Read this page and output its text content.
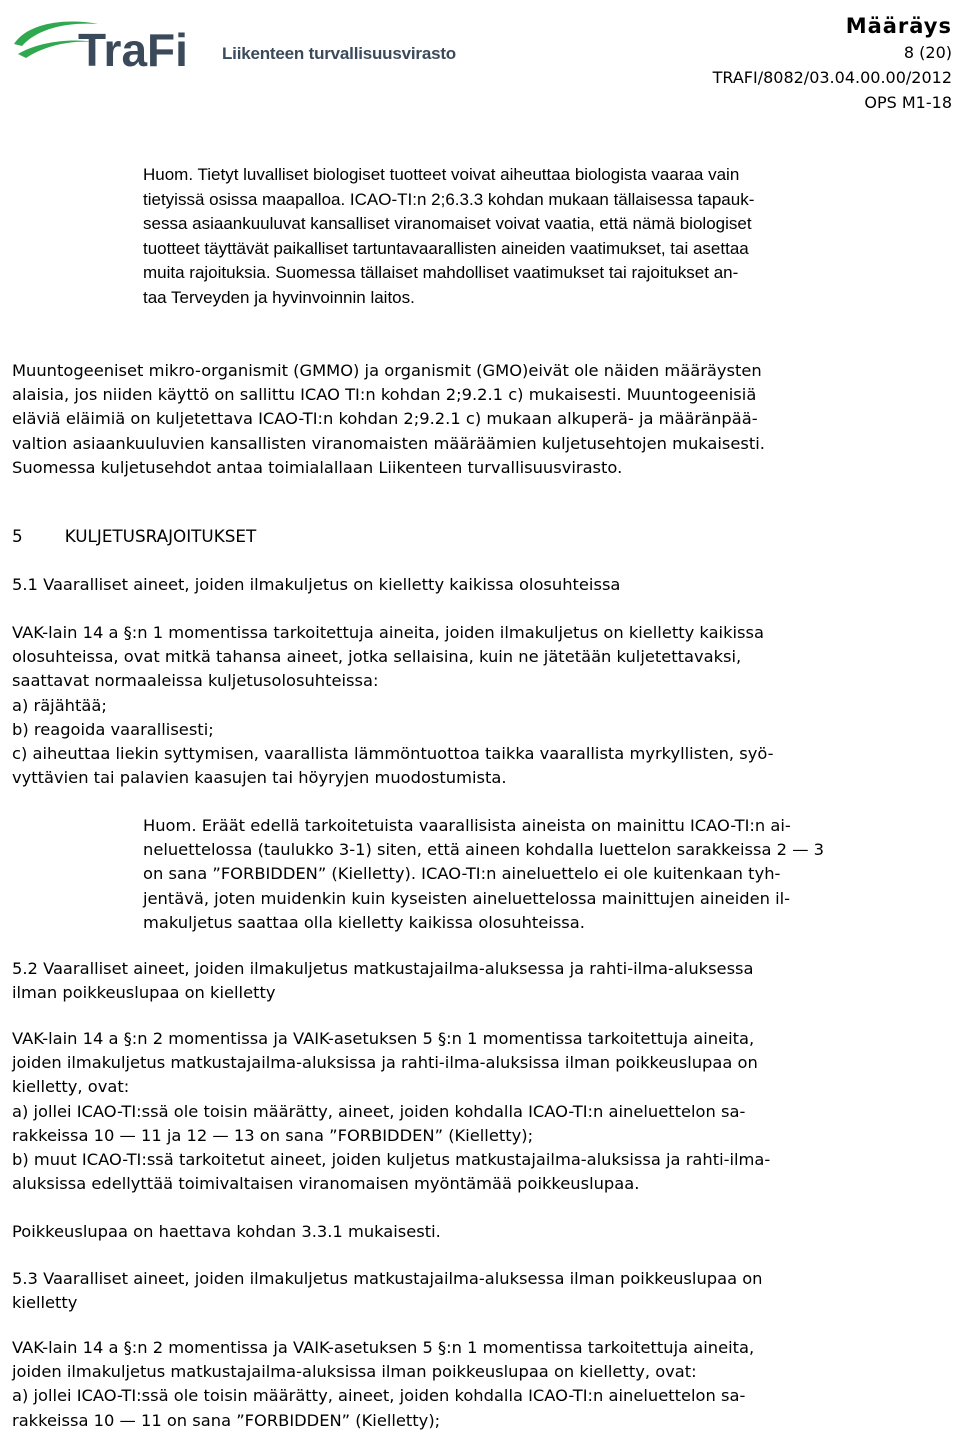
TraFi Liikenteen turvallisuusvirasto
Määräys
8 (20)
TRAFI/8082/03.04.00.00/2012
OPS M1-18
Huom. Tietyt luvalliset biologiset tuotteet voivat aiheuttaa biologista vaaraa vain
tietyissä osissa maapalloa. ICAO-TI:n 2;6.3.3 kohdan mukaan tällaisessa tapauk-
sessa asiaankuuluvat kansalliset viranomaiset voivat vaatia, että nämä biologiset
tuotteet täyttävät paikalliset tartuntavaarallisten aineiden vaatimukset, tai asettaa
muita rajoituksia. Suomessa tällaiset mahdolliset vaatimukset tai rajoitukset an-
taa Terveyden ja hyvinvoinnin laitos.
Muuntogeeniset mikro-organismit (GMMO) ja organismit (GMO)eivät ole näiden määräysten
alaisia, jos niiden käyttö on sallittu ICAO TI:n kohdan 2;9.2.1 c) mukaisesti. Muuntogeenisiä
eläviä eläimiä on kuljetettava ICAO-TI:n kohdan 2;9.2.1 c) mukaan alkuperä- ja määränpää-
valtion asiaankuuluvien kansallisten viranomaisten määräämien kuljetusehtojen mukaisesti.
Suomessa kuljetusehdot antaa toimialallaan Liikenteen turvallisuusvirasto.
5	KULJETUSRAJOITUKSET
5.1 Vaaralliset aineet, joiden ilmakuljetus on kielletty kaikissa olosuhteissa
VAK-lain 14 a §:n 1 momentissa tarkoitettuja aineita, joiden ilmakuljetus on kielletty kaikissa
olosuhteissa, ovat mitkä tahansa aineet, jotka sellaisina, kuin ne jätetään kuljetettavaksi,
saattavat normaaleissa kuljetusolosuhteissa:
a) räjähtää;
b) reagoida vaarallisesti;
c) aiheuttaa liekin syttymisen, vaarallista lämmöntuottoa taikka vaarallista myrkyllisten, syö-
vyttävien tai palavien kaasujen tai höyryjen muodostumista.
Huom. Eräät edellä tarkoitetuista vaarallisista aineista on mainittu ICAO-TI:n ai-
neluettelossa (taulukko 3-1) siten, että aineen kohdalla luettelon sarakkeissa 2 — 3
on sana ”FORBIDDEN” (Kielletty). ICAO-TI:n aineluettelo ei ole kuitenkaan tyh-
jentävä, joten muidenkin kuin kyseisten aineluettelossa mainittujen aineiden il-
makuljetus saattaa olla kielletty kaikissa olosuhteissa.
5.2 Vaaralliset aineet, joiden ilmakuljetus matkustajailma-aluksessa ja rahti-ilma-aluksessa
ilman poikkeuslupaa on kielletty
VAK-lain 14 a §:n 2 momentissa ja VAIK-asetuksen 5 §:n 1 momentissa tarkoitettuja aineita,
joiden ilmakuljetus matkustajailma-aluksissa ja rahti-ilma-aluksissa ilman poikkeuslupaa on
kielletty, ovat:
a) jollei ICAO-TI:ssä ole toisin määrätty, aineet, joiden kohdalla ICAO-TI:n aineluettelon sa-
rakkeissa 10 — 11 ja 12 — 13 on sana ”FORBIDDEN” (Kielletty);
b) muut ICAO-TI:ssä tarkoitetut aineet, joiden kuljetus matkustajailma-aluksissa ja rahti-ilma-
aluksissa edellyttää toimivaltaisen viranomaisen myöntämää poikkeuslupaa.
Poikkeuslupaa on haettava kohdan 3.3.1 mukaisesti.
5.3 Vaaralliset aineet, joiden ilmakuljetus matkustajailma-aluksessa ilman poikkeuslupaa on
kielletty
VAK-lain 14 a §:n 2 momentissa ja VAIK-asetuksen 5 §:n 1 momentissa tarkoitettuja aineita,
joiden ilmakuljetus matkustajailma-aluksissa ilman poikkeuslupaa on kielletty, ovat:
a) jollei ICAO-TI:ssä ole toisin määrätty, aineet, joiden kohdalla ICAO-TI:n aineluettelon sa-
rakkeissa 10 — 11 on sana ”FORBIDDEN” (Kielletty);
